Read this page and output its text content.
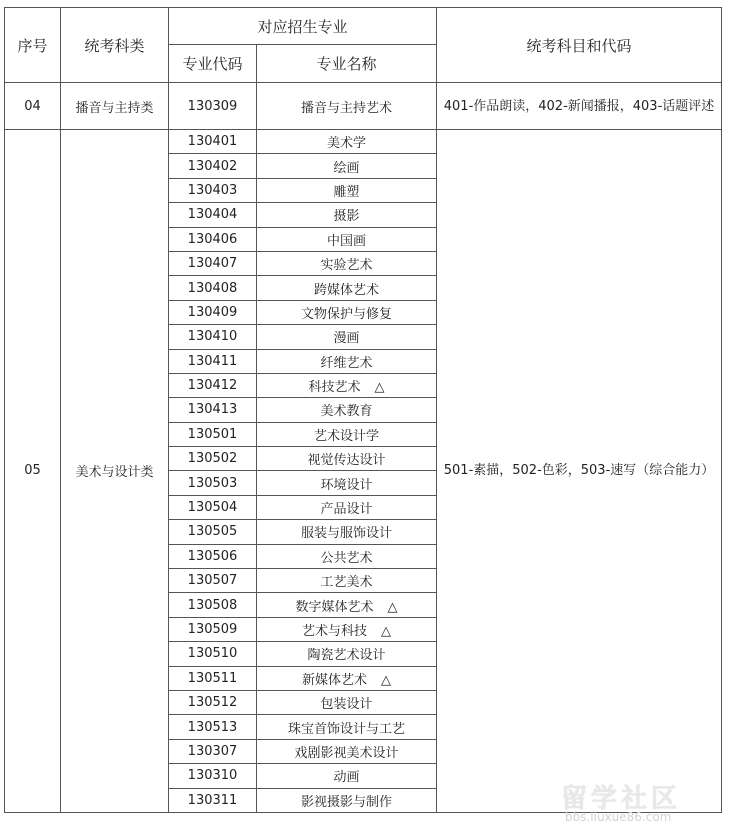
序号	统考科类	对应招生专业		统考科目和代码
		专业代码	专业名称	
04	播音与主持类	130309	播音与主持艺术	401-作品朗读，402-新闻播报，403-话题评述
05	美术与设计类	130401	美术学	501-素描，502-色彩，503-速写（综合能力）
		130402	绘画	
		130403	雕塑	
		130404	摄影	
		130406	中国画	
		130407	实验艺术	
		130408	跨媒体艺术	
		130409	文物保护与修复	
		130410	漫画	
		130411	纤维艺术	
		130412	科技艺术 △	
		130413	美术教育	
		130501	艺术设计学	
		130502	视觉传达设计	
		130503	环境设计	
		130504	产品设计	
		130505	服装与服饰设计	
		130506	公共艺术	
		130507	工艺美术	
		130508	数字媒体艺术 △	
		130509	艺术与科技 △	
		130510	陶瓷艺术设计	
		130511	新媒体艺术 △	
		130512	包装设计	
		130513	珠宝首饰设计与工艺	
		130307	戏剧影视美术设计	
		130310	动画	
		130311	影视摄影与制作		留学社区
bbs.liuxue86.com
